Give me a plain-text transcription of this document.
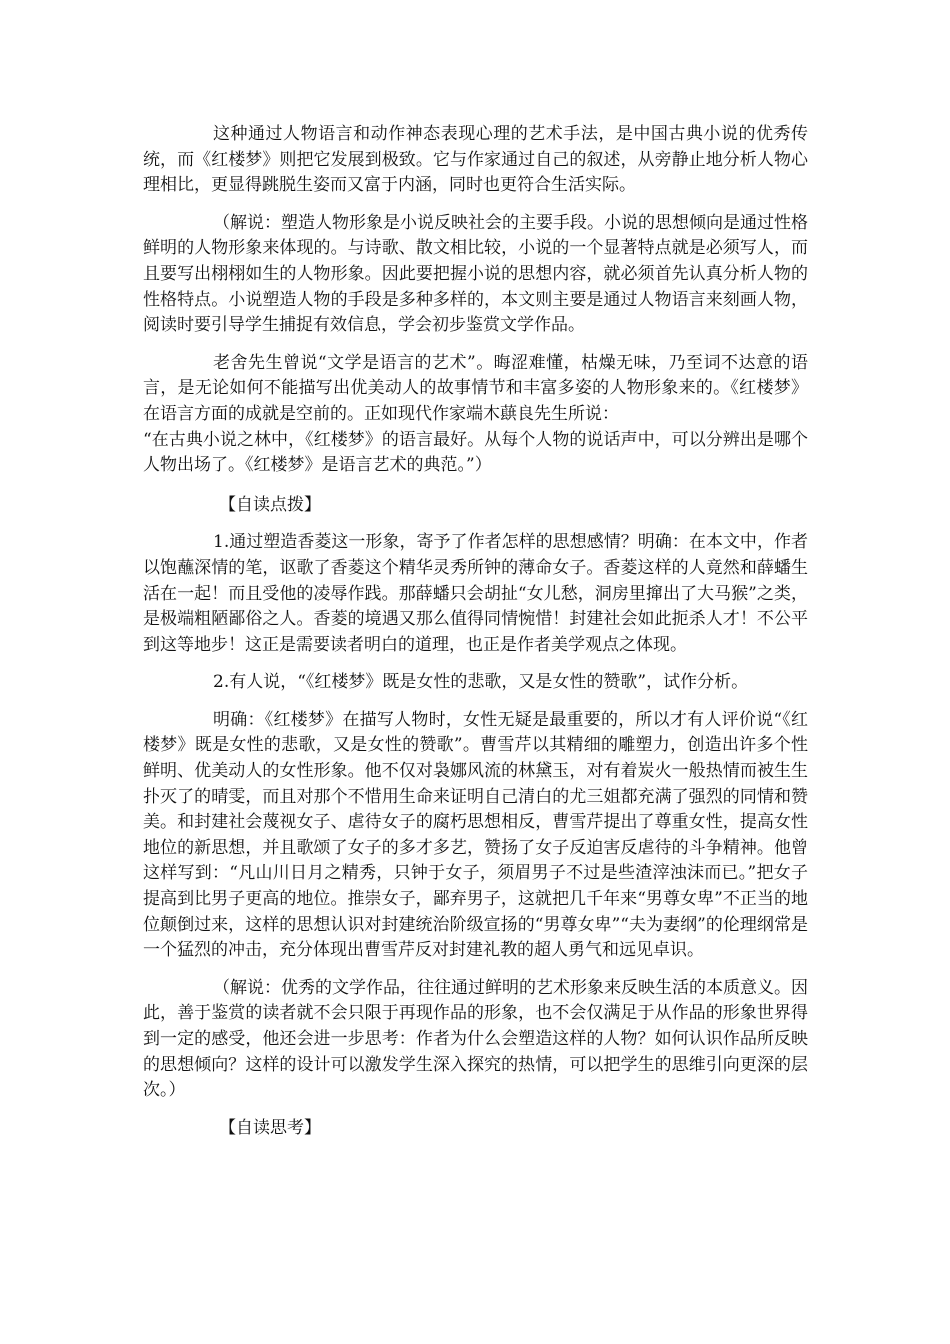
这种通过人物语言和动作神态表现心理的艺术手法，是中国古典小说的优秀传统，而《红楼梦》则把它发展到极致。它与作家通过自己的叙述，从旁静止地分析人物心理相比，更显得跳脱生姿而又富于内涵，同时也更符合生活实际。

（解说：塑造人物形象是小说反映社会的主要手段。小说的思想倾向是通过性格鲜明的人物形象来体现的。与诗歌、散文相比较，小说的一个显著特点就是必须写人，而且要写出栩栩如生的人物形象。因此要把握小说的思想内容，就必须首先认真分析人物的性格特点。小说塑造人物的手段是多种多样的，本文则主要是通过人物语言来刻画人物，阅读时要引导学生捕捉有效信息，学会初步鉴赏文学作品。

老舍先生曾说“文学是语言的艺术”。晦涩难懂，枯燥无味，乃至词不达意的语言，是无论如何不能描写出优美动人的故事情节和丰富多姿的人物形象来的。《红楼梦》在语言方面的成就是空前的。正如现代作家端木蕻良先生所说：
“在古典小说之林中，《红楼梦》的语言最好。从每个人物的说话声中，可以分辨出是哪个人物出场了。《红楼梦》是语言艺术的典范。”）

【自读点拨】

1.通过塑造香菱这一形象，寄予了作者怎样的思想感情？明确：在本文中，作者以饱蘸深情的笔，讴歌了香菱这个精华灵秀所钟的薄命女子。香菱这样的人竟然和薛蟠生活在一起！而且受他的凌辱作践。那薛蟠只会胡扯“女儿愁，洞房里撺出了大马猴”之类，是极端粗陋鄙俗之人。香菱的境遇又那么值得同情惋惜！封建社会如此扼杀人才！不公平到这等地步！这正是需要读者明白的道理，也正是作者美学观点之体现。

2.有人说，“《红楼梦》既是女性的悲歌，又是女性的赞歌”，试作分析。

明确：《红楼梦》在描写人物时，女性无疑是最重要的，所以才有人评价说“《红楼梦》既是女性的悲歌，又是女性的赞歌”。曹雪芹以其精细的雕塑力，创造出许多个性鲜明、优美动人的女性形象。他不仅对袅娜风流的林黛玉，对有着炭火一般热情而被生生扑灭了的晴雯，而且对那个不惜用生命来证明自己清白的尤三姐都充满了强烈的同情和赞美。和封建社会蔑视女子、虐待女子的腐朽思想相反，曹雪芹提出了尊重女性，提高女性地位的新思想，并且歌颂了女子的多才多艺，赞扬了女子反迫害反虐待的斗争精神。他曾这样写到：“凡山川日月之精秀，只钟于女子，须眉男子不过是些渣滓浊沫而已。”把女子提高到比男子更高的地位。推崇女子，鄙弃男子，这就把几千年来“男尊女卑”不正当的地位颠倒过来，这样的思想认识对封建统治阶级宣扬的“男尊女卑”“夫为妻纲”的伦理纲常是一个猛烈的冲击，充分体现出曹雪芹反对封建礼教的超人勇气和远见卓识。

（解说：优秀的文学作品，往往通过鲜明的艺术形象来反映生活的本质意义。因此，善于鉴赏的读者就不会只限于再现作品的形象，也不会仅满足于从作品的形象世界得到一定的感受，他还会进一步思考：作者为什么会塑造这样的人物？如何认识作品所反映的思想倾向？这样的设计可以激发学生深入探究的热情，可以把学生的思维引向更深的层次。）

【自读思考】
